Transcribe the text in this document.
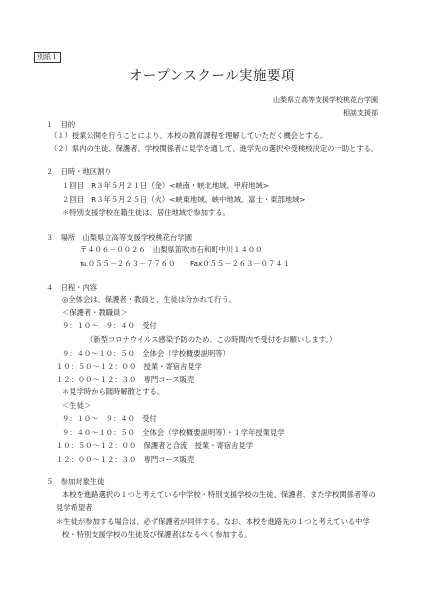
別紙１
オープンスクール実施要項
山梨県立高等支援学校桃花台学園
相談支援部
１　目的
（１）授業公開を行うことにより、本校の教育課程を理解していただく機会とする。
（２）県内の生徒、保護者、学校関係者に見学を通して、進学先の選択や受検校決定の一助とする。
２　日時・地区割り
１回目　R３年５月２１日（金）<峡南・峡北地域、甲府地域>
２回目　R３年５月２５日（火）<峡東地域、峡中地域、富士・東部地域>
＊特別支援学校在籍生徒は、居住地域で参加する。
３　場所　山梨県立高等支援学校桃花台学園
〒４０６－００２６　山梨県笛吹市石和町中川１４００
℡０５５－２６３－７７６０　　Fax０５５－２６３－０７４１
４　日程・内容
◎全体会は、保護者・教員と、生徒は分かれて行う。
＜保護者・教職員＞
９：１０～　９：４０　受付
（新型コロナウイルス感染予防のため、この時間内で受付をお願いします。）
９：４０～１０：５０　全体会（学校概要説明等）
１０：５０～１２：００　授業・寄宿舎見学
１２：００～１２：３０　専門コース販売
＊見学時から随時解散とする。
＜生徒＞
９：１０～　９：４０　受付
９：４０～１０：５０　全体会（学校概要説明等）・１学年授業見学
１０：５０～１２：００　保護者と合流　授業・寄宿舎見学
１２：００～１２：３０　専門コース販売
５　参加対象生徒
本校を進路選択の１つと考えている中学校・特別支援学校の生徒、保護者、また学校関係者等の
見学希望者
＊生徒が参加する場合は、必ず保護者が同伴する。なお、本校を進路先の１つと考えている中学
校・特別支援学校の生徒及び保護者はなるべく参加する。
